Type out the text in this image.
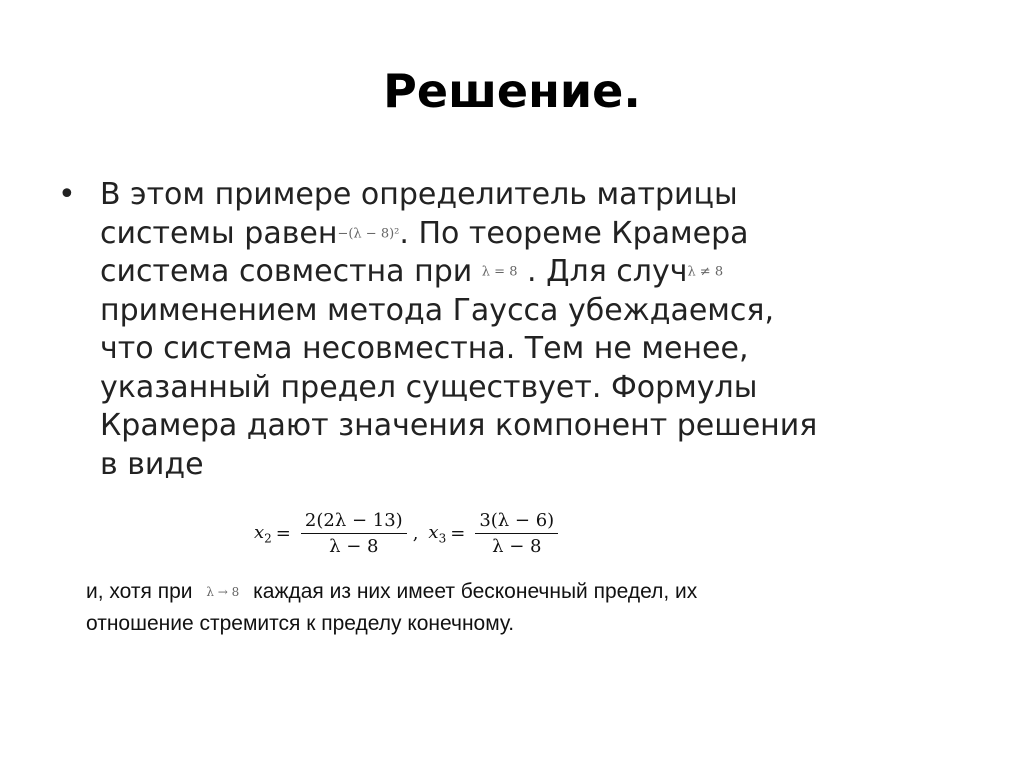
Решение.
• В этом примере определитель матрицы
системы равен−(λ − 8)². По теореме Крамера
система совместна при λ = 8 . Для случλ ≠ 8
применением метода Гаусса убеждаемся,
что система несовместна. Тем не менее,
указанный предел существует. Формулы
Крамера дают значения компонент решения
в виде
$x_2 = \frac{2(2\lambda - 13)}{\lambda - 8}$ , $x_3 = \frac{3(\lambda - 6)}{\lambda - 8}$
и, хотя при λ → 8 каждая из них имеет бесконечный предел, их
отношение стремится к пределу конечному.
